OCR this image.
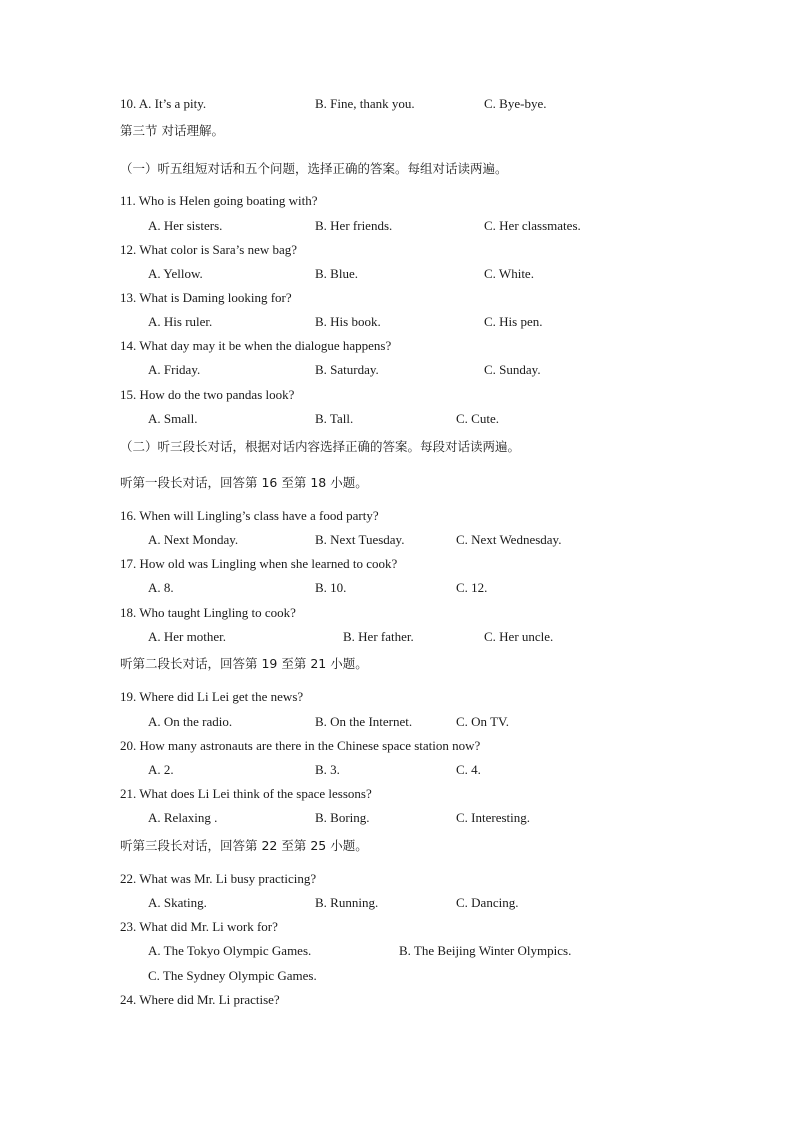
10. A. It’s a pity.	B. Fine, thank you.	C. Bye-bye.
第三节 对话理解。
（一）听五组短对话和五个问题，选择正确的答案。每组对话读两遍。
11. Who is Helen going boating with?
A. Her sisters.	B. Her friends.	C. Her classmates.
12. What color is Sara’s new bag?
A. Yellow.	B. Blue.	C. White.
13. What is Daming looking for?
A. His ruler.	B. His book.	C. His pen.
14. What day may it be when the dialogue happens?
A. Friday.	B. Saturday.	C. Sunday.
15. How do the two pandas look?
A. Small.	B. Tall.	C. Cute.
（二）听三段长对话，根据对话内容选择正确的答案。每段对话读两遍。
听第一段长对话，回答第 16 至第 18 小题。
16. When will Lingling’s class have a food party?
A. Next Monday.	B. Next Tuesday.	C. Next Wednesday.
17. How old was Lingling when she learned to cook?
A. 8.	B. 10.	C. 12.
18. Who taught Lingling to cook?
A. Her mother.	B. Her father.	C. Her uncle.
听第二段长对话，回答第 19 至第 21 小题。
19. Where did Li Lei get the news?
A. On the radio.	B. On the Internet.	C. On TV.
20. How many astronauts are there in the Chinese space station now?
A. 2.	B. 3.	C. 4.
21. What does Li Lei think of the space lessons?
A. Relaxing .	B. Boring.	C. Interesting.
听第三段长对话，回答第 22 至第 25 小题。
22. What was Mr. Li busy practicing?
A. Skating.	B. Running.	C. Dancing.
23. What did Mr. Li work for?
A. The Tokyo Olympic Games.	B. The Beijing Winter Olympics.
C. The Sydney Olympic Games.
24. Where did Mr. Li practise?
